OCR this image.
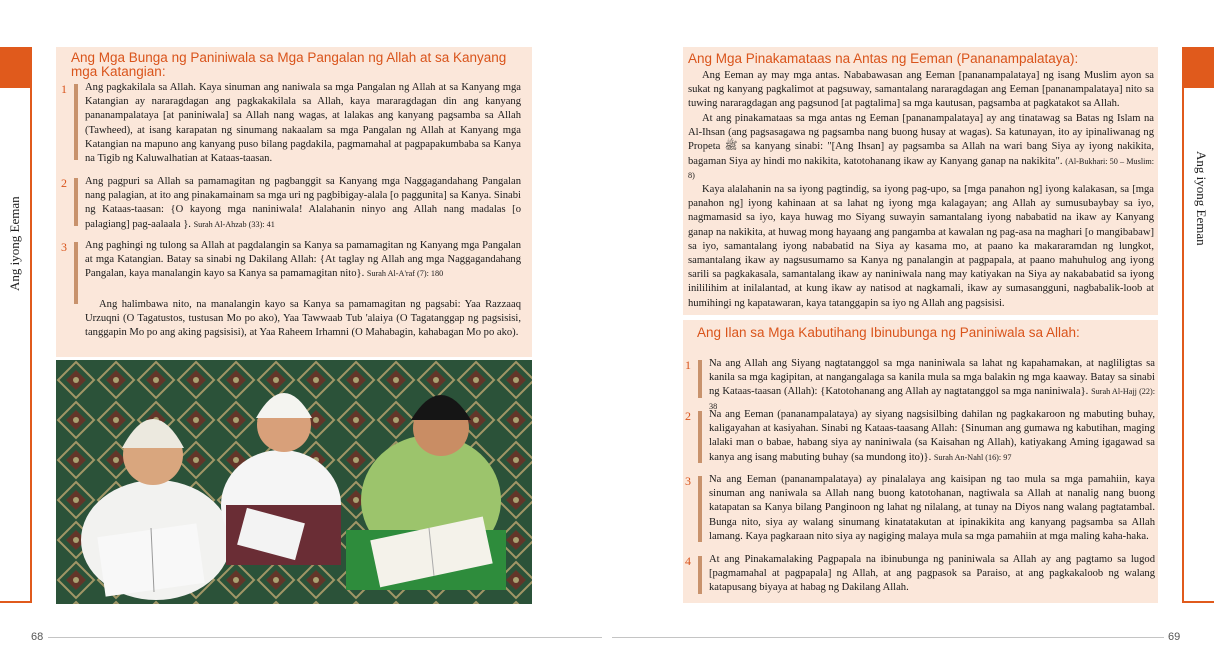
Ang iyong Eeman	Ang iyong Eeman
Ang Mga Bunga ng Paniniwala sa Mga Pangalan ng Allah at sa Kanyang mga Katangian:
1 Ang pagkakilala sa Allah. Kaya sinuman ang naniwala sa mga Pangalan ng Allah at sa Kanyang mga Katangian ay nararagdagan ang pagkakakilala sa Allah, kaya mararagdagan din ang kanyang pananampalataya [at paniniwala] sa Allah nang wagas, at lalakas ang kanyang pagsamba sa Allah (Tawheed), at isang karapatan ng sinumang nakaalam sa mga Pangalan ng Allah at Kanyang mga Katangian na mapuno ang kanyang puso bilang pagdakila, pagmamahal at pagpapakumbaba sa Kanya na Tigib ng Kaluwalhatian at Kataas-taasan.
2 Ang pagpuri sa Allah sa pamamagitan ng pagbanggit sa Kanyang mga Naggagandahang Pangalan nang palagian, at ito ang pinakamainam sa mga uri ng pagbibigay-alala [o paggunita] sa Kanya. Sinabi ng Kataas-taasan: {O kayong mga naniniwala! Alalahanin ninyo ang Allah nang madalas [o palagiang] pag-aalaala }. Surah Al-Ahzab (33): 41
3 Ang paghingi ng tulong sa Allah at pagdalangin sa Kanya sa pamamagitan ng Kanyang mga Pangalan at mga Katangian. Batay sa sinabi ng Dakilang Allah: {At taglay ng Allah ang mga Naggagandahang Pangalan, kaya manalangin kayo sa Kanya sa pamamagitan nito}. Surah Al-A'raf (7): 180

Ang halimbawa nito, na manalangin kayo sa Kanya sa pamamagitan ng pagsabi: Yaa Razzaaq Urzuqni (O Tagatustos, tustusan Mo po ako), Yaa Tawwaab Tub 'alaiya (O Tagatanggap ng pagsisisi, tanggapin Mo po ang aking pagsisisi), at Yaa Raheem Irhamni (O Mahabagin, kahabagan Mo po ako).

Ang Mga Pinakamataas na Antas ng Eeman (Pananampalataya):

Ang Eeman ay may mga antas. Nababawasan ang Eeman [pananampalataya] ng isang Muslim ayon sa sukat ng kanyang pagkalimot at pagsuway, samantalang nararagdagan ang Eeman [pananampalataya] nito sa tuwing nararagdagan ang pagsunod [at pagtalima] sa mga kautusan, pagsamba at pagkatakot sa Allah.

At ang pinakamataas sa mga antas ng Eeman [pananampalataya] ay ang tinatawag sa Batas ng Islam na Al-Ihsan (ang pagsasagawa ng pagsamba nang buong husay at wagas). Sa katunayan, ito ay ipinaliwanag ng Propeta ﷺ sa kanyang sinabi: "[Ang Ihsan] ay pagsamba sa Allah na wari bang Siya ay iyong nakikita, bagaman Siya ay hindi mo nakikita, katotohanang ikaw ay Kanyang ganap na nakikita". (Al-Bukhari: 50 – Muslim: 8)

Kaya alalahanin na sa iyong pagtindig, sa iyong pag-upo, sa [mga panahon ng] iyong kalakasan, sa [mga panahon ng] iyong kahinaan at sa lahat ng iyong mga kalagayan; ang Allah ay sumusubaybay sa iyo, nagmamasid sa iyo, kaya huwag mo Siyang suwayin samantalang iyong nababatid na ikaw ay Kanyang ganap na nakikita, at huwag mong hayaang ang pangamba at kawalan ng pag-asa na maghari [o mangibabaw] sa iyo, samantalang iyong nababatid na Siya ay kasama mo, at paano ka makararamdan ng lungkot, samantalang ikaw ay nagsusumamo sa Kanya ng panalangin at pagpapala, at paano mahuhulog ang iyong sarili sa pagkakasala, samantalang ikaw ay naniniwala nang may katiyakan na Siya ay nakababatid sa iyong inililihim at inilalantad, at kung ikaw ay natisod at nagkamali, ikaw ay sumasangguni, nagbabalik-loob at humihingi ng kapatawaran, kaya tatanggapin sa iyo ng Allah ang pagsisisi.

Ang Ilan sa Mga Kabutihang Ibinubunga ng Paniniwala sa Allah:
1 Na ang Allah ang Siyang nagtatanggol sa mga naniniwala sa lahat ng kapahamakan, at nagliligtas sa kanila sa mga kagipitan, at nangangalaga sa kanila mula sa mga balakin ng mga kaaway. Batay sa sinabi ng Kataas-taasan (Allah): {Katotohanang ang Allah ay nagtatanggol sa mga naniniwala}. Surah Al-Hajj (22): 38
2 Na ang Eeman (pananampalataya) ay siyang nagsisilbing dahilan ng pagkakaroon ng mabuting buhay, kaligayahan at kasiyahan. Sinabi ng Kataas-taasang Allah: {Sinuman ang gumawa ng kabutihan, maging lalaki man o babae, habang siya ay naniniwala (sa Kaisahan ng Allah), katiyakang Aming igagawad sa kanya ang isang mabuting buhay (sa mundong ito)}. Surah An-Nahl (16): 97
3 Na ang Eeman (pananampalataya) ay pinalalaya ang kaisipan ng tao mula sa mga pamahiin, kaya sinuman ang naniwala sa Allah nang buong katotohanan, nagtiwala sa Allah at nanalig nang buong katapatan sa Kanya bilang Panginoon ng lahat ng nilalang, at tunay na Diyos nang walang pagtatambal. Bunga nito, siya ay walang sinumang kinatatakutan at ipinakikita ang kanyang pagsamba sa Allah lamang. Kaya pagkaraan nito siya ay nagiging malaya mula sa mga pamahiin at mga maling kaha-haka.
4 At ang Pinakamalaking Pagpapala na ibinubunga ng paniniwala sa Allah ay ang pagtamo sa lugod [pagmamahal at pagpapala] ng Allah, at ang pagpasok sa Paraiso, at ang pagkakaloob ng walang katapusang biyaya at habag ng Dakilang Allah.
68	69
